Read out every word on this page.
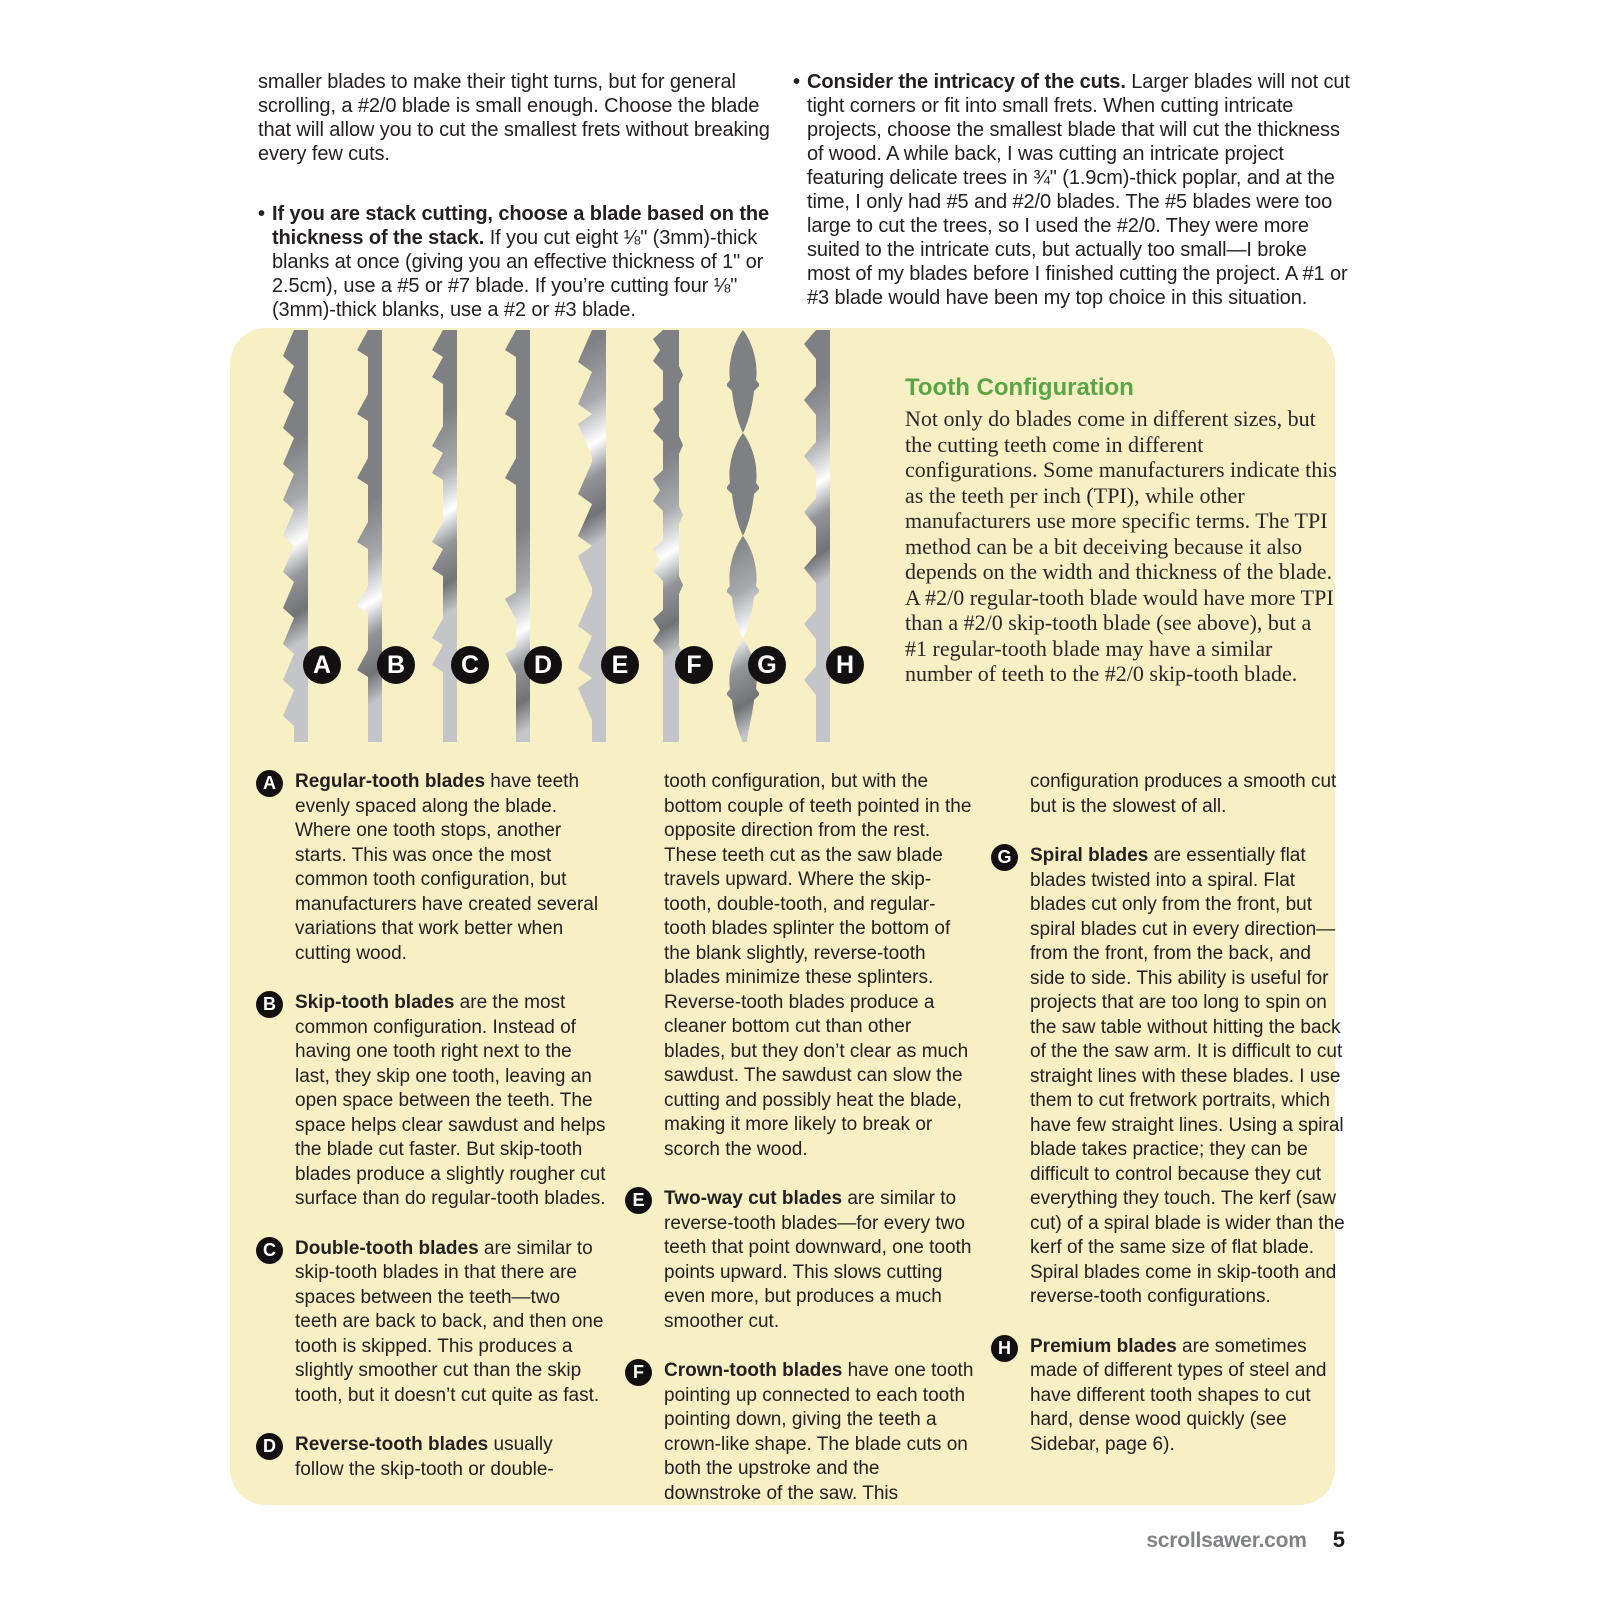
smaller blades to make their tight turns, but for general scrolling, a #2/0 blade is small enough. Choose the blade that will allow you to cut the smallest frets without breaking every few cuts.

• If you are stack cutting, choose a blade based on the thickness of the stack. If you cut eight ⅛" (3mm)-thick blanks at once (giving you an effective thickness of 1" or 2.5cm), use a #5 or #7 blade. If you’re cutting four ⅛" (3mm)-thick blanks, use a #2 or #3 blade.

• Consider the intricacy of the cuts. Larger blades will not cut tight corners or fit into small frets. When cutting intricate projects, choose the smallest blade that will cut the thickness of wood. A while back, I was cutting an intricate project featuring delicate trees in ¾" (1.9cm)-thick poplar, and at the time, I only had #5 and #2/0 blades. The #5 blades were too large to cut the trees, so I used the #2/0. They were more suited to the intricate cuts, but actually too small—I broke most of my blades before I finished cutting the project. A #1 or #3 blade would have been my top choice in this situation.

A	B	C	D	E	F	G	H
Tooth Configuration

Not only do blades come in different sizes, but the cutting teeth come in different configurations. Some manufacturers indicate this as the teeth per inch (TPI), while other manufacturers use more specific terms. The TPI method can be a bit deceiving because it also depends on the width and thickness of the blade. A #2/0 regular-tooth blade would have more TPI than a #2/0 skip-tooth blade (see above), but a #1 regular-tooth blade may have a similar number of teeth to the #2/0 skip-tooth blade.

A	Regular-tooth blades have teeth evenly spaced along the blade. Where one tooth stops, another starts. This was once the most common tooth configuration, but manufacturers have created several variations that work better when cutting wood.

B	Skip-tooth blades are the most common configuration. Instead of having one tooth right next to the last, they skip one tooth, leaving an open space between the teeth. The space helps clear sawdust and helps the blade cut faster. But skip-tooth blades produce a slightly rougher cut surface than do regular-tooth blades.

C	Double-tooth blades are similar to skip-tooth blades in that there are spaces between the teeth—two teeth are back to back, and then one tooth is skipped. This produces a slightly smoother cut than the skip tooth, but it doesn’t cut quite as fast.

D	Reverse-tooth blades usually follow the skip-tooth or double-

tooth configuration, but with the bottom couple of teeth pointed in the opposite direction from the rest. These teeth cut as the saw blade travels upward. Where the skip-tooth, double-tooth, and regular-tooth blades splinter the bottom of the blank slightly, reverse-tooth blades minimize these splinters. Reverse-tooth blades produce a cleaner bottom cut than other blades, but they don’t clear as much sawdust. The sawdust can slow the cutting and possibly heat the blade, making it more likely to break or scorch the wood.

E	Two-way cut blades are similar to reverse-tooth blades—for every two teeth that point downward, one tooth points upward. This slows cutting even more, but produces a much smoother cut.

F	Crown-tooth blades have one tooth pointing up connected to each tooth pointing down, giving the teeth a crown-like shape. The blade cuts on both the upstroke and the downstroke of the saw. This

configuration produces a smooth cut but is the slowest of all.

G Spiral blades are essentially flat blades twisted into a spiral. Flat blades cut only from the front, but spiral blades cut in every direction—from the front, from the back, and side to side. This ability is useful for projects that are too long to spin on the saw table without hitting the back of the the saw arm. It is difficult to cut straight lines with these blades. I use them to cut fretwork portraits, which have few straight lines. Using a spiral blade takes practice; they can be difficult to control because they cut everything they touch. The kerf (saw cut) of a spiral blade is wider than the kerf of the same size of flat blade. Spiral blades come in skip-tooth and reverse-tooth configurations.

H	Premium blades are sometimes made of different types of steel and have different tooth shapes to cut hard, dense wood quickly (see Sidebar, page 6).

scrollsawer.com 5
